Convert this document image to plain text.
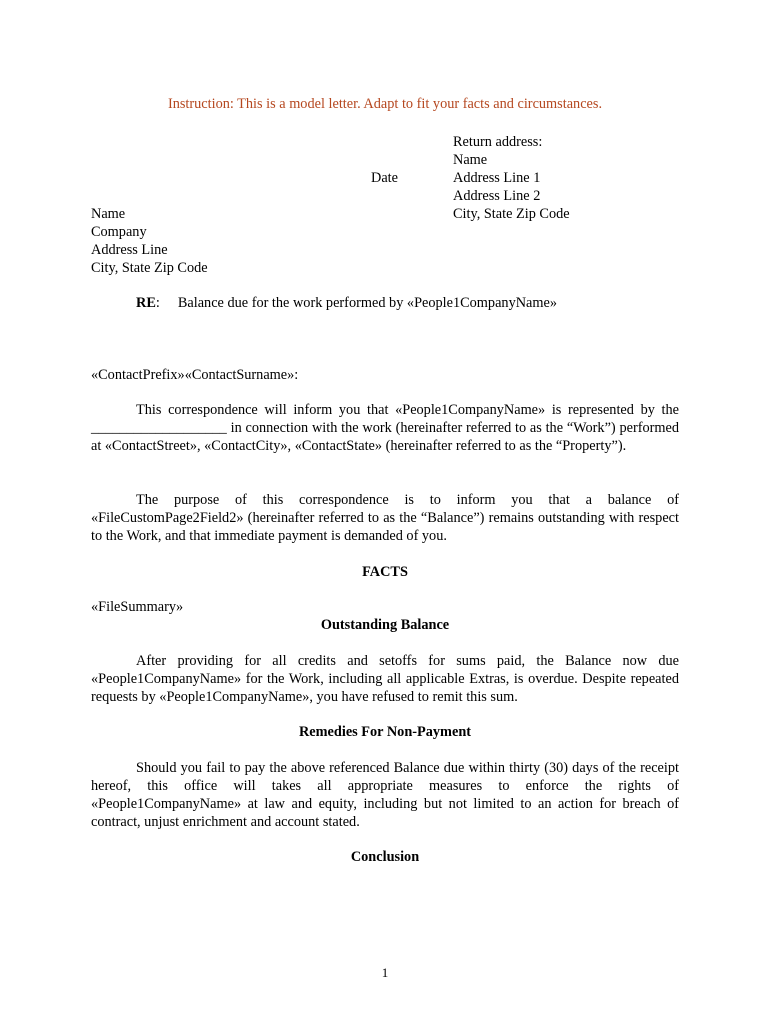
Instruction: This is a model letter. Adapt to fit your facts and circumstances.
Return address:
Name
Address Line 1
Address Line 2
City, State Zip Code
Date
Name
Company
Address Line
City, State Zip Code
RE: Balance due for the work performed by «People1CompanyName»
«ContactPrefix»«ContactSurname»:
This correspondence will inform you that «People1CompanyName» is represented by the ___________________ in connection with the work (hereinafter referred to as the “Work”) performed at «ContactStreet», «ContactCity», «ContactState» (hereinafter referred to as the “Property”).
The purpose of this correspondence is to inform you that a balance of «FileCustomPage2Field2» (hereinafter referred to as the “Balance”) remains outstanding with respect to the Work, and that immediate payment is demanded of you.
FACTS
«FileSummary»
Outstanding Balance
After providing for all credits and setoffs for sums paid, the Balance now due «People1CompanyName» for the Work, including all applicable Extras, is overdue. Despite repeated requests by «People1CompanyName», you have refused to remit this sum.
Remedies For Non-Payment
Should you fail to pay the above referenced Balance due within thirty (30) days of the receipt hereof, this office will takes all appropriate measures to enforce the rights of «People1CompanyName» at law and equity, including but not limited to an action for breach of contract, unjust enrichment and account stated.
Conclusion
1
